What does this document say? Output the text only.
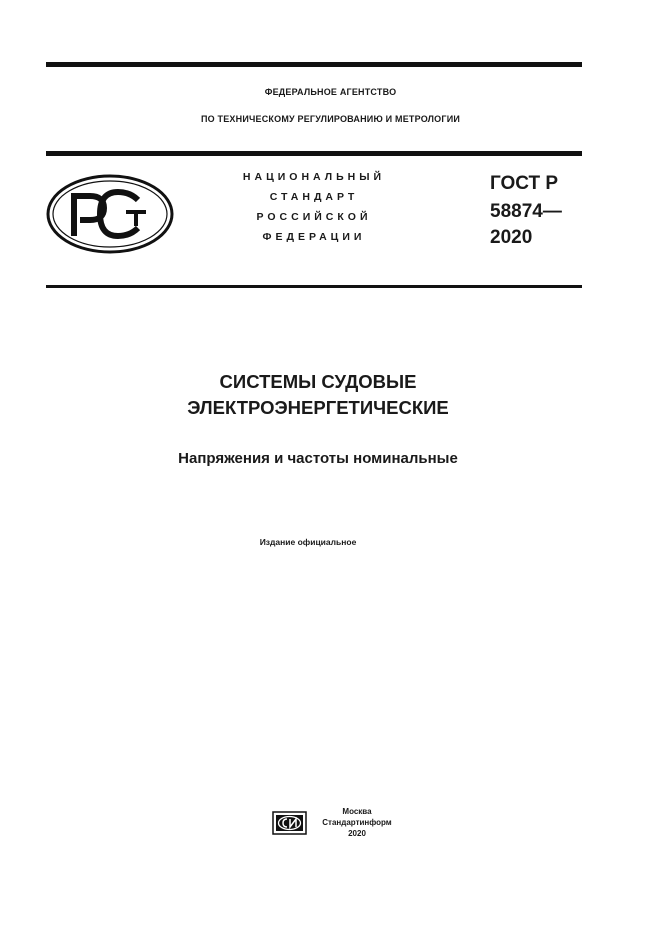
ФЕДЕРАЛЬНОЕ АГЕНТСТВО
ПО ТЕХНИЧЕСКОМУ РЕГУЛИРОВАНИЮ И МЕТРОЛОГИИ
НАЦИОНАЛЬНЫЙ
СТАНДАРТ
РОССИЙСКОЙ
ФЕДЕРАЦИИ
ГОСТ Р
58874—
2020
СИСТЕМЫ СУДОВЫЕ
ЭЛЕКТРОЭНЕРГЕТИЧЕСКИЕ
Напряжения и частоты номинальные
Издание официальное
Москва
Стандартинформ
2020
